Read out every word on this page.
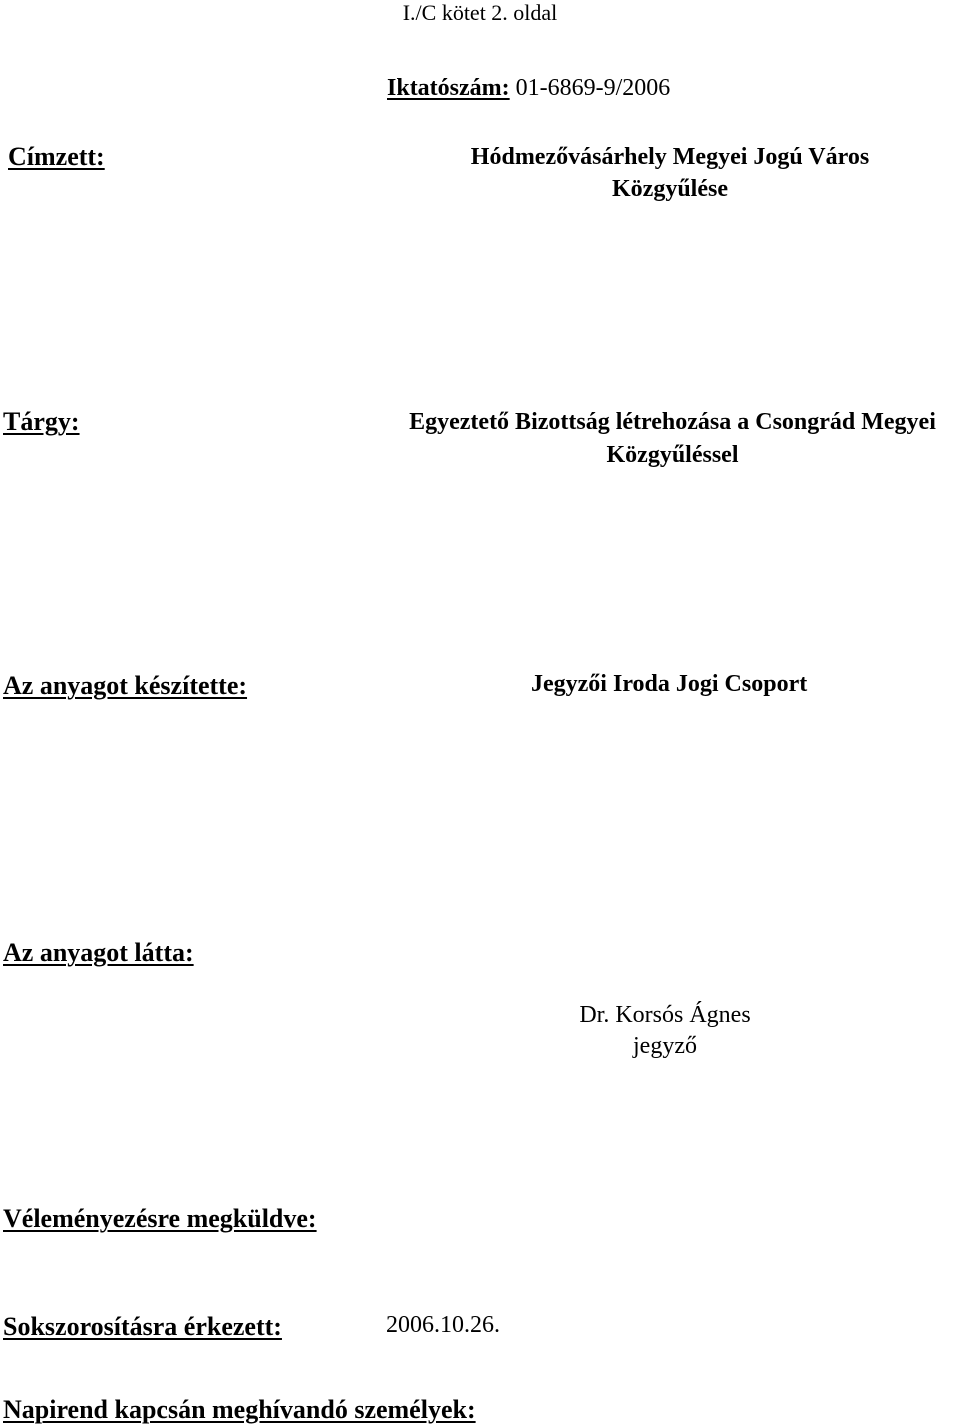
I./C kötet 2. oldal
Iktatószám: 01-6869-9/2006
Címzett:	Hódmezővásárhely Megyei Jogú Város
Közgyűlése
Tárgy:	Egyeztető Bizottság létrehozása a Csongrád Megyei
Közgyűléssel
Az anyagot készítette:	Jegyzői Iroda Jogi Csoport
Az anyagot látta:
Dr. Korsós Ágnes
jegyző
Véleményezésre megküldve:
Sokszorosításra érkezett:	2006.10.26.
Napirend kapcsán meghívandó személyek:
